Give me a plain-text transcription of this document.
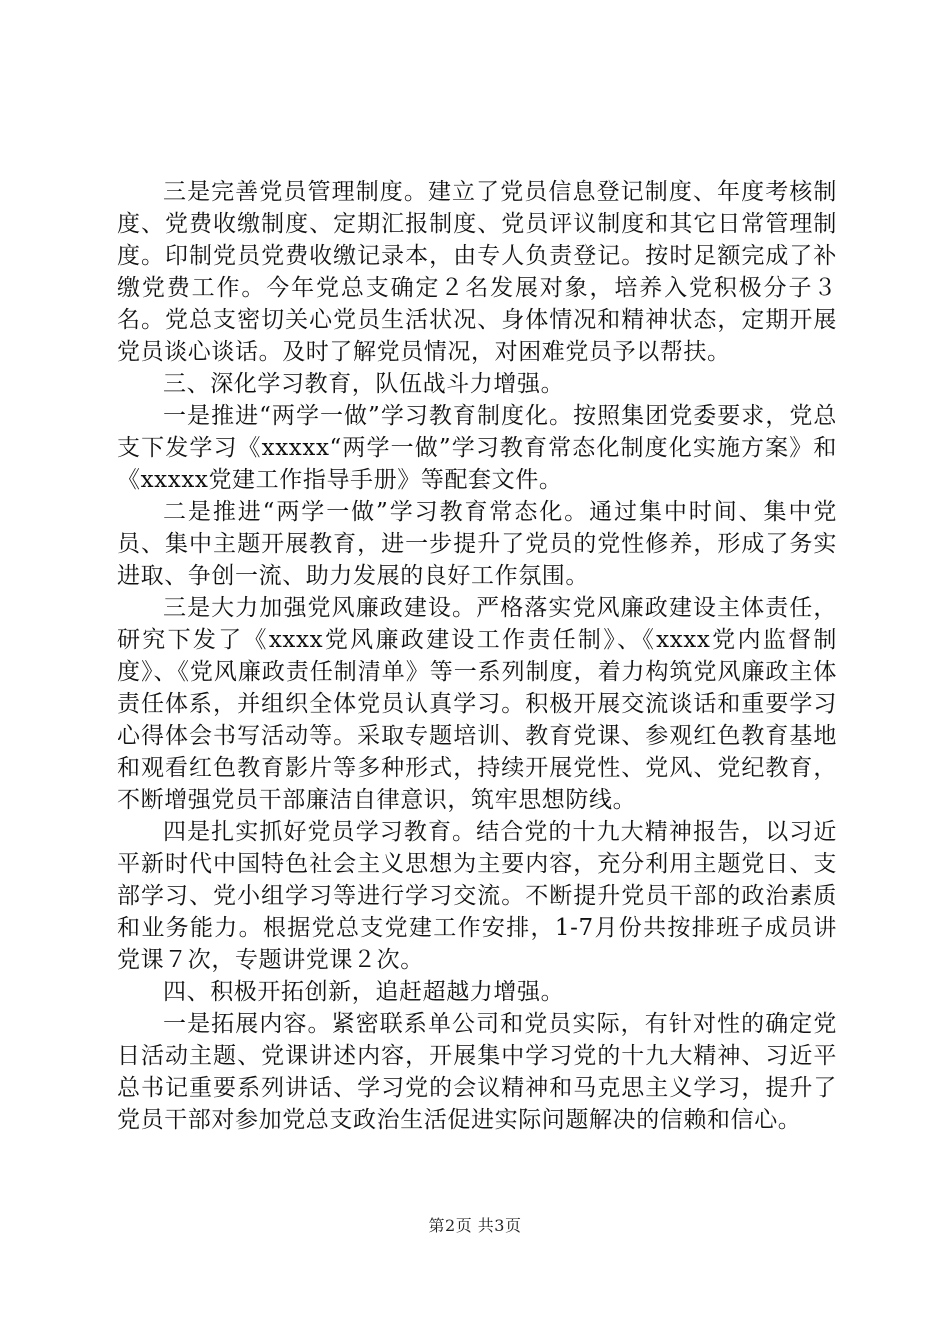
三是完善党员管理制度。建立了党员信息登记制度、年度考核制度、党费收缴制度、定期汇报制度、党员评议制度和其它日常管理制度。印制党员党费收缴记录本，由专人负责登记。按时足额完成了补缴党费工作。今年党总支确定２名发展对象，培养入党积极分子３名。党总支密切关心党员生活状况、身体情况和精神状态，定期开展党员谈心谈话。及时了解党员情况，对困难党员予以帮扶。

三、深化学习教育，队伍战斗力增强。

一是推进“两学一做”学习教育制度化。按照集团党委要求，党总支下发学习《xxxxx“两学一做”学习教育常态化制度化实施方案》和《xxxxx党建工作指导手册》等配套文件。

二是推进“两学一做”学习教育常态化。通过集中时间、集中党员、集中主题开展教育，进一步提升了党员的党性修养，形成了务实进取、争创一流、助力发展的良好工作氛围。

三是大力加强党风廉政建设。严格落实党风廉政建设主体责任，研究下发了《xxxx党风廉政建设工作责任制》、《xxxx党内监督制度》、《党风廉政责任制清单》等一系列制度，着力构筑党风廉政主体责任体系，并组织全体党员认真学习。积极开展交流谈话和重要学习心得体会书写活动等。采取专题培训、教育党课、参观红色教育基地和观看红色教育影片等多种形式，持续开展党性、党风、党纪教育，不断增强党员干部廉洁自律意识，筑牢思想防线。

四是扎实抓好党员学习教育。结合党的十九大精神报告，以习近平新时代中国特色社会主义思想为主要内容，充分利用主题党日、支部学习、党小组学习等进行学习交流。不断提升党员干部的政治素质和业务能力。根据党总支党建工作安排，1-7月份共按排班子成员讲党课７次，专题讲党课２次。

四、积极开拓创新，追赶超越力增强。

一是拓展内容。紧密联系单公司和党员实际，有针对性的确定党日活动主题、党课讲述内容，开展集中学习党的十九大精神、习近平总书记重要系列讲话、学习党的会议精神和马克思主义学习，提升了党员干部对参加党总支政治生活促进实际问题解决的信赖和信心。

第2页 共3页
